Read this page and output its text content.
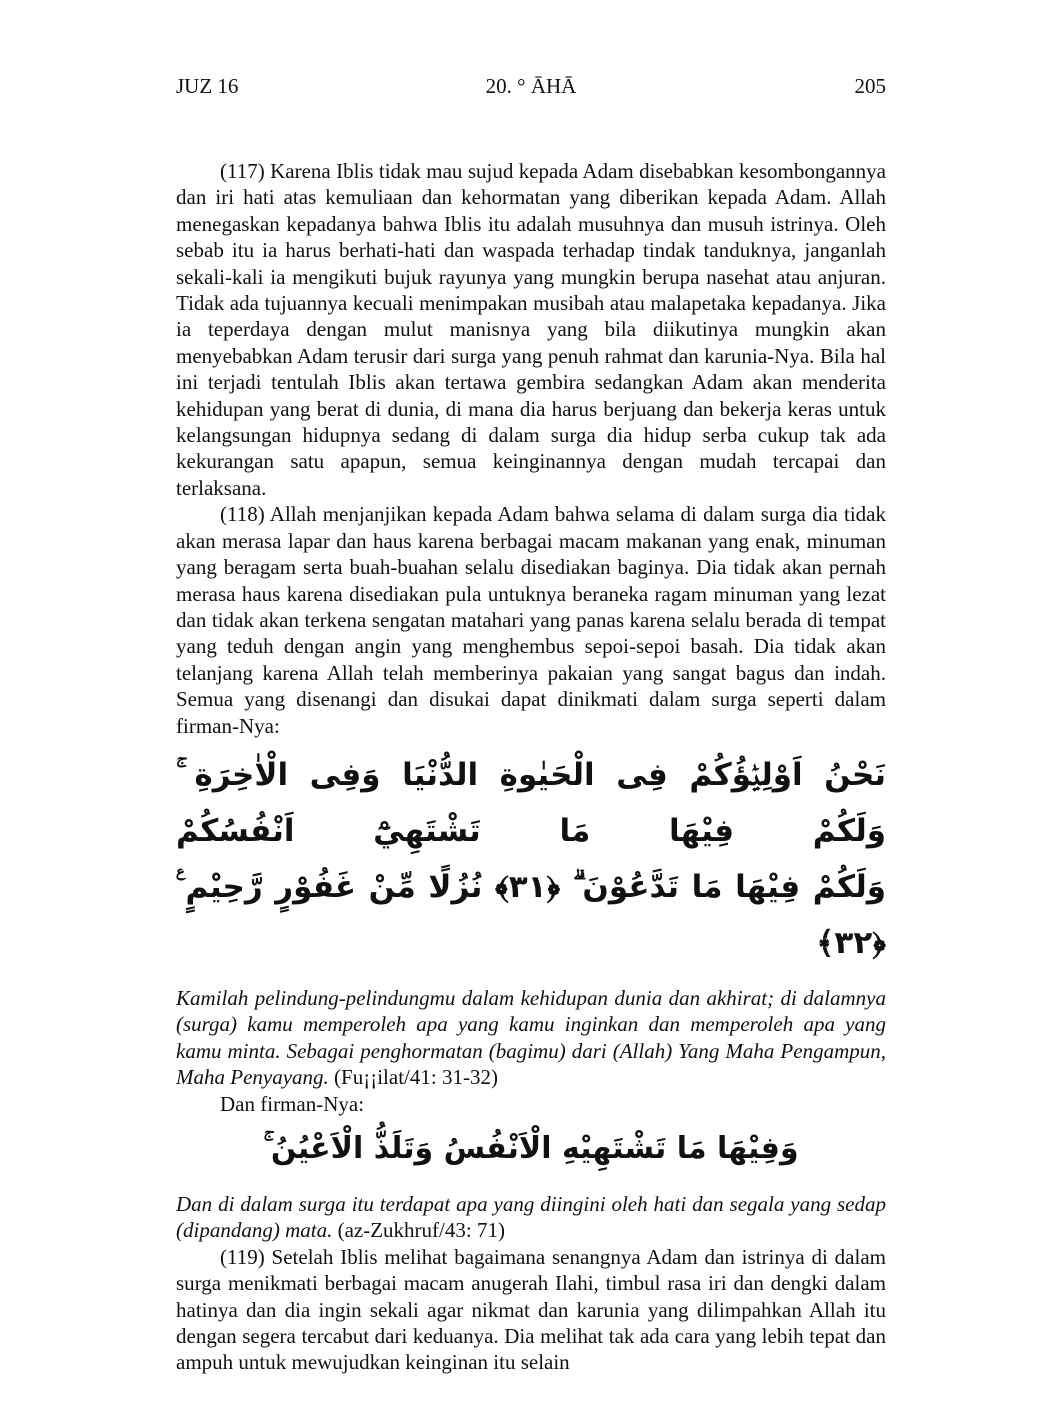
JUZ 16	20. ° ĀHĀ	205

(117) Karena Iblis tidak mau sujud kepada Adam disebabkan kesombongannya dan iri hati atas kemuliaan dan kehormatan yang diberikan kepada Adam. Allah menegaskan kepadanya bahwa Iblis itu adalah musuhnya dan musuh istrinya. Oleh sebab itu ia harus berhati-hati dan waspada terhadap tindak tanduknya, janganlah sekali-kali ia mengikuti bujuk rayunya yang mungkin berupa nasehat atau anjuran. Tidak ada tujuannya kecuali menimpakan musibah atau malapetaka kepadanya. Jika ia teperdaya dengan mulut manisnya yang bila diikutinya mungkin akan menyebabkan Adam terusir dari surga yang penuh rahmat dan karunia-Nya. Bila hal ini terjadi tentulah Iblis akan tertawa gembira sedangkan Adam akan menderita kehidupan yang berat di dunia, di mana dia harus berjuang dan bekerja keras untuk kelangsungan hidupnya sedang di dalam surga dia hidup serba cukup tak ada kekurangan satu apapun, semua keinginannya dengan mudah tercapai dan terlaksana.

(118) Allah menjanjikan kepada Adam bahwa selama di dalam surga dia tidak akan merasa lapar dan haus karena berbagai macam makanan yang enak, minuman yang beragam serta buah-buahan selalu disediakan baginya. Dia tidak akan pernah merasa haus karena disediakan pula untuknya beraneka ragam minuman yang lezat dan tidak akan terkena sengatan matahari yang panas karena selalu berada di tempat yang teduh dengan angin yang menghembus sepoi-sepoi basah. Dia tidak akan telanjang karena Allah telah memberinya pakaian yang sangat bagus dan indah. Semua yang disenangi dan disukai dapat dinikmati dalam surga seperti dalam firman-Nya:

نَحْنُ اَوْلِيٰۤؤُكُمْ فِى الْحَيٰوةِ الدُّنْيَا وَفِى الْاٰخِرَةِ ۚ وَلَكُمْ فِيْهَا مَا تَشْتَهِيْٓ اَنْفُسُكُمْ

وَلَكُمْ فِيْهَا مَا تَدَّعُوْنَ ۗ ﴿٣١﴾ نُزُلًا مِّنْ غَفُوْرٍ رَّحِيْمٍ ࣖ ﴿٣٢﴾

Kamilah pelindung-pelindungmu dalam kehidupan dunia dan akhirat; di dalamnya (surga) kamu memperoleh apa yang kamu inginkan dan memperoleh apa yang kamu minta. Sebagai penghormatan (bagimu) dari (Allah) Yang Maha Pengampun, Maha Penyayang. (Fu¡¡ilat/41: 31-32)

Dan firman-Nya:

وَفِيْهَا مَا تَشْتَهِيْهِ الْاَنْفُسُ وَتَلَذُّ الْاَعْيُنُ ۚ

Dan di dalam surga itu terdapat apa yang diingini oleh hati dan segala yang sedap (dipandang) mata. (az-Zukhruf/43: 71)

(119) Setelah Iblis melihat bagaimana senangnya Adam dan istrinya di dalam surga menikmati berbagai macam anugerah Ilahi, timbul rasa iri dan dengki dalam hatinya dan dia ingin sekali agar nikmat dan karunia yang dilimpahkan Allah itu dengan segera tercabut dari keduanya. Dia melihat tak ada cara yang lebih tepat dan ampuh untuk mewujudkan keinginan itu selain
